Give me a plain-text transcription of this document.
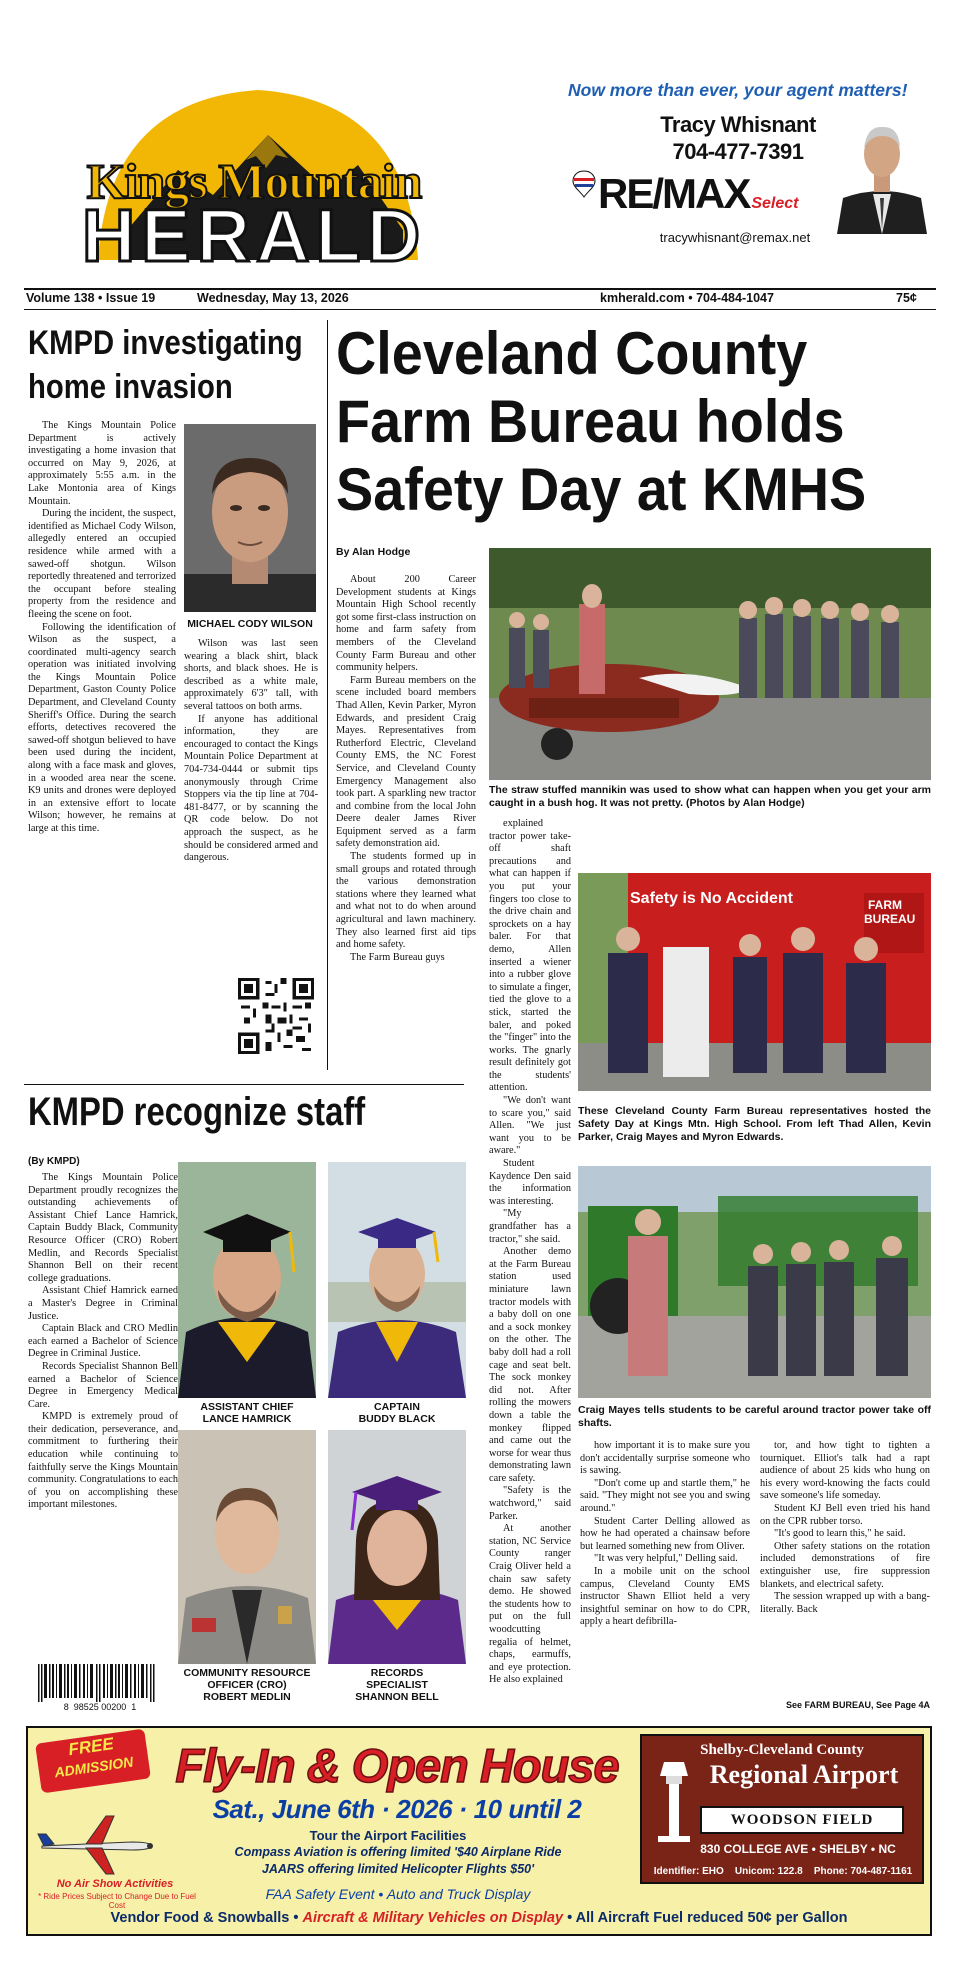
Kings Mountain
HERALD
Now more than ever, your agent matters!
Tracy Whisnant
704-477-7391
RE/MAX Select
tracywhisnant@remax.net
Volume 138 • Issue 19	Wednesday, May 13, 2026	kmherald.com • 704-484-1047	75¢
KMPD investigating
home invasion

The Kings Mountain Police Department is actively investigating a home invasion that occurred on May 9, 2026, at approximately 5:55 a.m. in the Lake Montonia area of Kings Mountain.

During the incident, the suspect, identified as Michael Cody Wilson, allegedly entered an occupied residence while armed with a sawed-off shotgun. Wilson reportedly threatened and terrorized the occupant before stealing property from the residence and fleeing the scene on foot.

Following the identification of Wilson as the suspect, a coordinated multi-agency search operation was initiated involving the Kings Mountain Police Department, Gaston County Police Department, and Cleveland County Sheriff's Office. During the search efforts, detectives recovered the sawed-off shotgun believed to have been used during the incident, along with a face mask and gloves, in a wooded area near the scene. K9 units and drones were deployed in an extensive effort to locate Wilson; however, he remains at large at this time.

MICHAEL CODY WILSON

Wilson was last seen wearing a black shirt, black shorts, and black shoes. He is described as a white male, approximately 6'3" tall, with several tattoos on both arms.

If anyone has additional information, they are encouraged to contact the Kings Mountain Police Department at 704-734-0444 or submit tips anonymously through Crime Stoppers via the tip line at 704-481-8477, or by scanning the QR code below. Do not approach the suspect, as he should be considered armed and dangerous.

KMPD recognize staff
(By KMPD)

The Kings Mountain Police Department proudly recognizes the outstanding achievements of Assistant Chief Lance Hamrick, Captain Buddy Black, Community Resource Officer (CRO) Robert Medlin, and Records Specialist Shannon Bell on their recent college graduations.

Assistant Chief Hamrick earned a Master's Degree in Criminal Justice.

Captain Black and CRO Medlin each earned a Bachelor of Science Degree in Criminal Justice.

Records Specialist Shannon Bell earned a Bachelor of Science Degree in Emergency Medical Care.

KMPD is extremely proud of their dedication, perseverance, and commitment to furthering their education while continuing to faithfully serve the Kings Mountain community. Congratulations to each of you on accomplishing these important milestones.

ASSISTANT CHIEF
LANCE HAMRICK
CAPTAIN
BUDDY BLACK
COMMUNITY RESOURCE
OFFICER (CRO)
ROBERT MEDLIN
RECORDS
SPECIALIST
SHANNON BELL
8  98525 00200  1
Cleveland County
Farm Bureau holds
Safety Day at KMHS
By Alan Hodge

About 200 Career Development students at Kings Mountain High School recently got some first-class instruction on home and farm safety from members of the Cleveland County Farm Bureau and other community helpers.

Farm Bureau members on the scene included board members Thad Allen, Kevin Parker, Myron Edwards, and president Craig Mayes. Representatives from Rutherford Electric, Cleveland County EMS, the NC Forest Service, and Cleveland County Emergency Management also took part. A sparkling new tractor and combine from the local John Deere dealer James River Equipment served as a farm safety demonstration aid.

The students formed up in small groups and rotated through the various demonstration stations where they learned what and what not to do when around agricultural and lawn machinery. They also learned first aid tips and home safety.

The Farm Bureau guys

The straw stuffed mannikin was used to show what can happen when you get your arm caught in a bush hog. It was not pretty. (Photos by Alan Hodge)

explained tractor power take-off shaft precautions and what can happen if you put your fingers too close to the drive chain and sprockets on a hay baler. For that demo, Allen inserted a wiener into a rubber glove to simulate a finger, tied the glove to a stick, started the baler, and poked the "finger" into the works. The gnarly result definitely got the students' attention.

"We don't want to scare you," said Allen. "We just want you to be aware."

Student Kaydence Den said the information was interesting.

"My grandfather has a tractor," she said.

Another demo at the Farm Bureau station used miniature lawn tractor models with a baby doll on one and a sock monkey on the other. The baby doll had a roll cage and seat belt. The sock monkey did not. After rolling the mowers down a table the monkey flipped and came out the worse for wear thus demonstrating lawn care safety.

"Safety is the watchword," said Parker.

At another station, NC Service County ranger Craig Oliver held a chain saw safety demo. He showed the students how to put on the full woodcutting regalia of helmet, chaps, earmuffs, and eye protection. He also explained

Safety is No Accident	FARM
BUREAU
These Cleveland County Farm Bureau representatives hosted the Safety Day at Kings Mtn. High School. From left Thad Allen, Kevin Parker, Craig Mayes and Myron Edwards.
Craig Mayes tells students to be careful around tractor power take off shafts.

how important it is to make sure you don't accidentally surprise someone who is sawing.

"Don't come up and startle them," he said. "They might not see you and swing around."

Student Carter Delling allowed as how he had operated a chainsaw before but learned something new from Oliver.

"It was very helpful," Delling said.

In a mobile unit on the school campus, Cleveland County EMS instructor Shawn Elliot held a very insightful seminar on how to do CPR, apply a heart defibrilla-

tor, and how tight to tighten a tourniquet. Elliot's talk had a rapt audience of about 25 kids who hung on his every word-knowing the facts could save someone's life someday.

Student KJ Bell even tried his hand on the CPR rubber torso.

"It's good to learn this," he said.

Other safety stations on the rotation included demonstrations of fire extinguisher use, fire suppression blankets, and electrical safety.

The session wrapped up with a bang- literally. Back

See FARM BUREAU, See Page 4A
FREE
ADMISSION Fly-In & Open House
Sat., June 6th · 2026 · 10 until 2
Tour the Airport Facilities
Compass Aviation is offering limited '$40 Airplane Ride
JAARS offering limited Helicopter Flights $50'
FAA Safety Event • Auto and Truck Display
No Air Show Activities
* Ride Prices Subject to Change Due to Fuel Cost
Vendor Food & Snowballs • Aircraft & Military Vehicles on Display • All Aircraft Fuel reduced 50¢ per Gallon
Shelby-Cleveland County
Regional Airport
WOODSON FIELD
830 COLLEGE AVE • SHELBY • NC
Identifier: EHO    Unicom: 122.8    Phone: 704-487-1161
